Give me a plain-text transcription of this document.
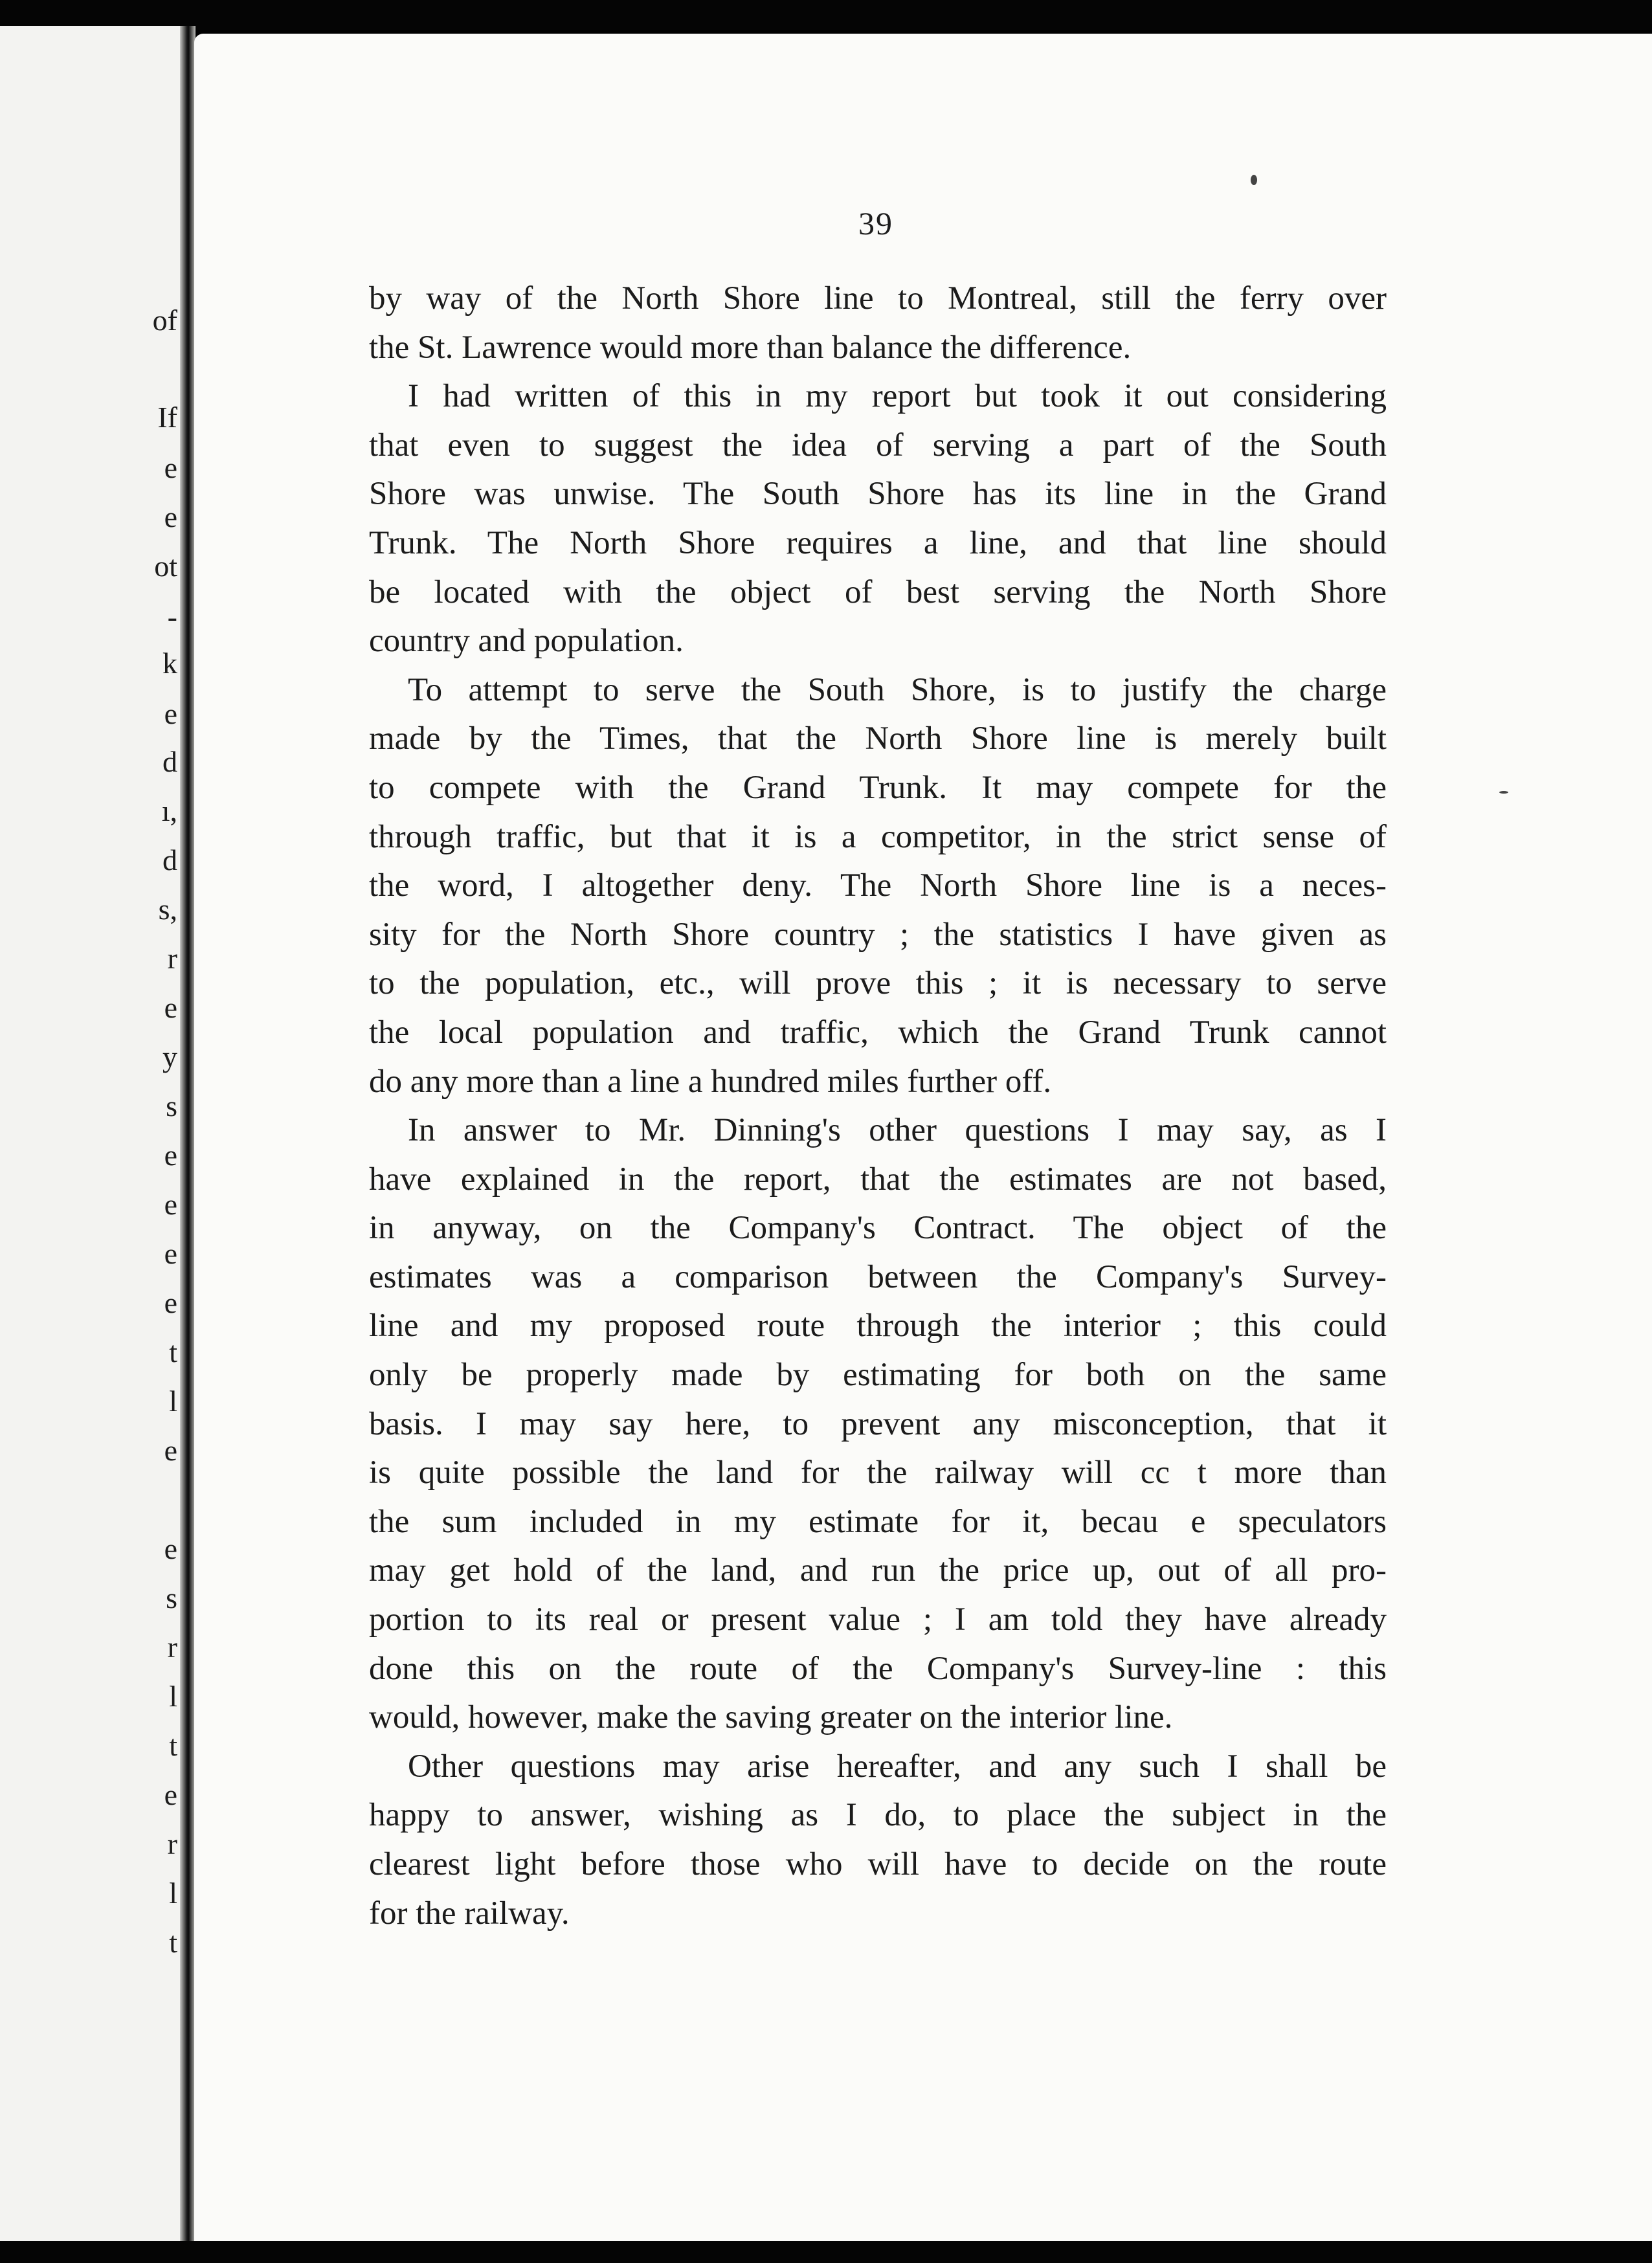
of
If
e
e
ot
-
k
e
d
ı,
d
s,
r
e
y
s
e
e
e
e
t
l
e
e
s
r
l
t
e
r
l
t
39
by way of the North Shore line to Montreal, still the ferry over
the St. Lawrence would more than balance the difference.
I had written of this in my report but took it out considering
that even to suggest the idea of serving a part of the South
Shore was unwise. The South Shore has its line in the Grand
Trunk. The North Shore requires a line, and that line should
be located with the object of best serving the North Shore
country and population.
To attempt to serve the South Shore, is to justify the charge
made by the Times, that the North Shore line is merely built
to compete with the Grand Trunk. It may compete for the
through traffic, but that it is a competitor, in the strict sense of
the word, I altogether deny. The North Shore line is a neces-
sity for the North Shore country ; the statistics I have given as
to the population, etc., will prove this ; it is necessary to serve
the local population and traffic, which the Grand Trunk cannot
do any more than a line a hundred miles further off.
In answer to Mr. Dinning's other questions I may say, as I
have explained in the report, that the estimates are not based,
in anyway, on the Company's Contract. The object of the
estimates was a comparison between the Company's Survey-
line and my proposed route through the interior ; this could
only be properly made by estimating for both on the same
basis. I may say here, to prevent any misconception, that it
is quite possible the land for the railway will cc t more than
the sum included in my estimate for it, becau e speculators
may get hold of the land, and run the price up, out of all pro-
portion to its real or present value ; I am told they have already
done this on the route of the Company's Survey-line : this
would, however, make the saving greater on the interior line.
Other questions may arise hereafter, and any such I shall be
happy to answer, wishing as I do, to place the subject in the
clearest light before those who will have to decide on the route
for the railway.
